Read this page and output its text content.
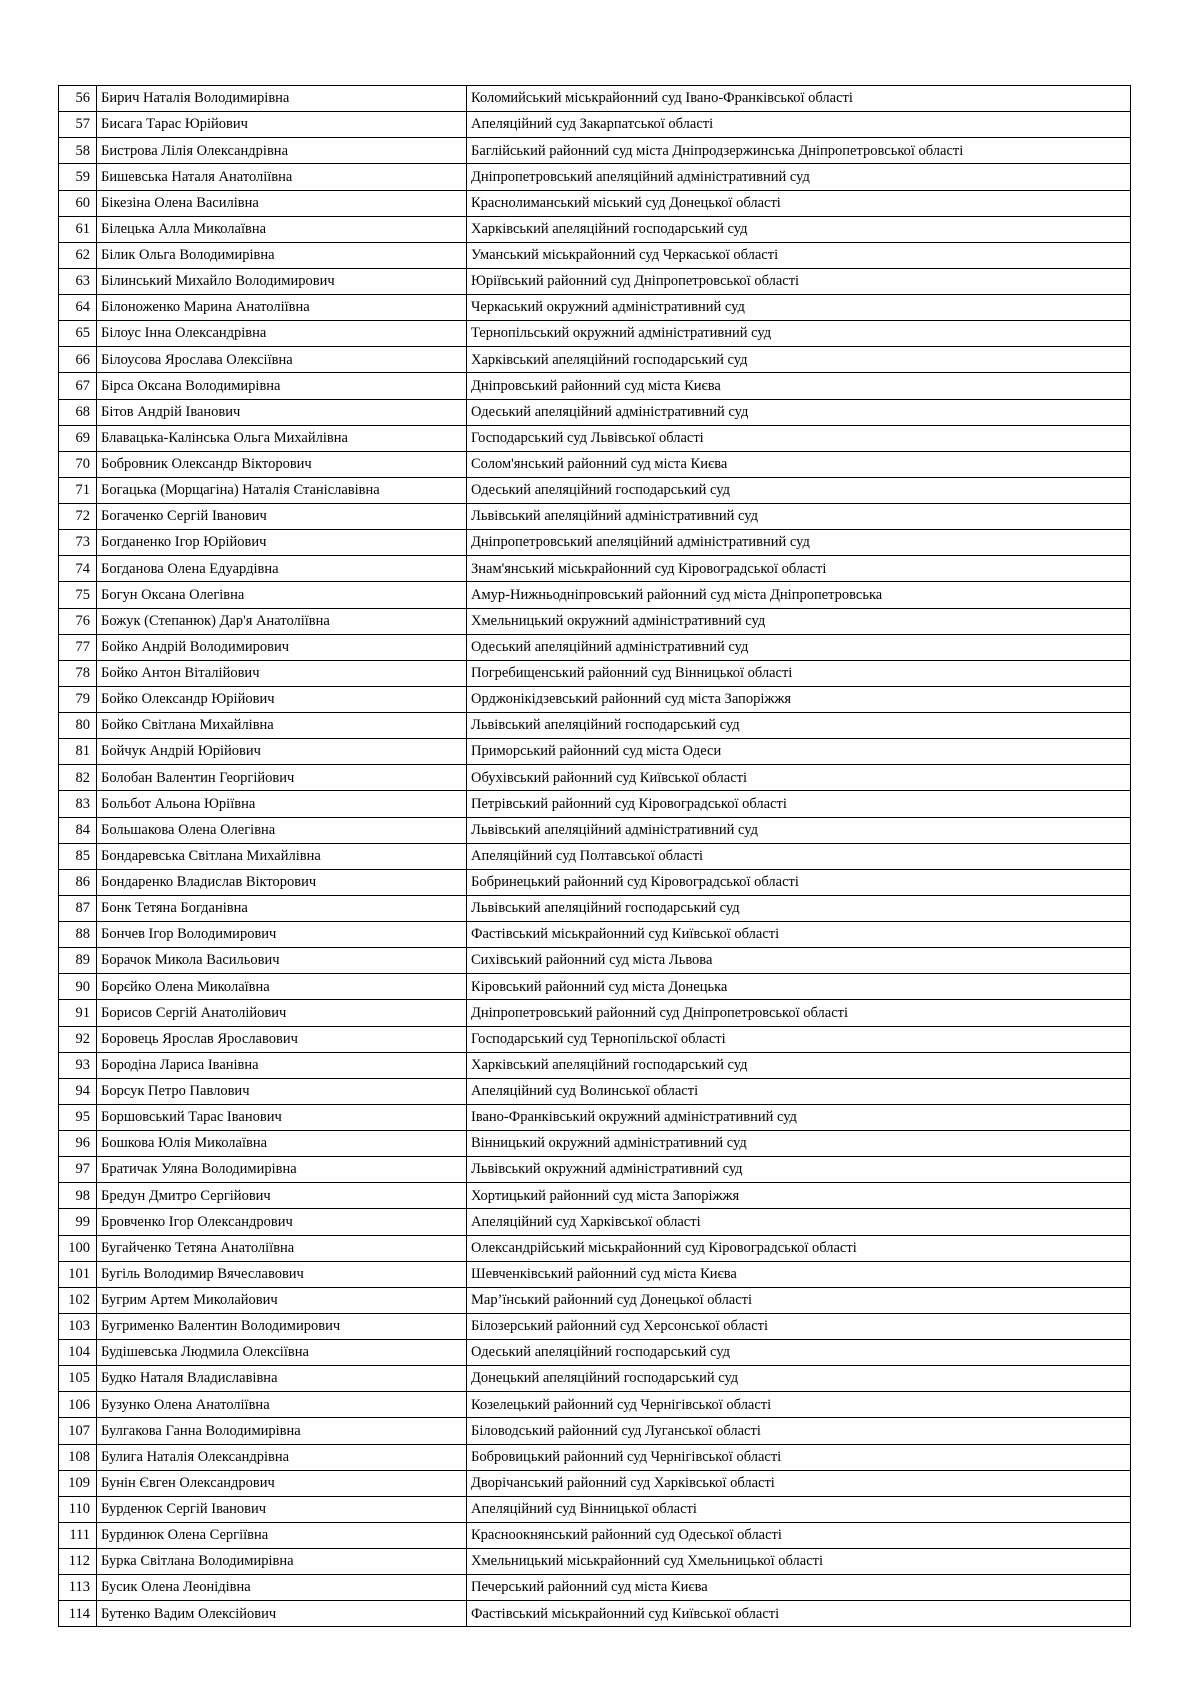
56	Бирич Наталія Володимирівна	Коломийський міськрайонний суд Івано-Франківської області
57	Бисага Тарас Юрійович	Апеляційний суд Закарпатської області
58	Бистрова Лілія Олександрівна	Баглійський районний суд міста Дніпродзержинська Дніпропетровської області
59	Бишевська Наталя Анатоліївна	Дніпропетровський апеляційний адміністративний суд
60	Бікезіна Олена Василівна	Краснолиманський міський суд Донецької області
61	Білецька Алла Миколаївна	Харківський апеляційний господарський суд
62	Білик Ольга Володимирівна	Уманський міськрайонний суд Черкаської області
63	Білинський Михайло Володимирович	Юріївський районний суд Дніпропетровської області
64	Білоноженко Марина Анатоліївна	Черкаський окружний адміністративний суд
65	Білоус Інна Олександрівна	Тернопільський окружний адміністративний суд
66	Білоусова Ярослава Олексіївна	Харківський апеляційний господарський суд
67	Бірса Оксана Володимирівна	Дніпровський районний суд міста Києва
68	Бітов Андрій Іванович	Одеський апеляційний адміністративний суд
69	Блавацька-Калінська Ольга Михайлівна	Господарський суд Львівської області
70	Бобровник Олександр Вікторович	Солом'янський районний суд міста Києва
71	Богацька (Морщагіна) Наталія Станіславівна	Одеський апеляційний господарський суд
72	Богаченко Сергій Іванович	Львівський апеляційний адміністративний суд
73	Богданенко Ігор Юрійович	Дніпропетровський апеляційний адміністративний суд
74	Богданова Олена Едуардівна	Знам'янський міськрайонний суд Кіровоградської області
75	Богун Оксана Олегівна	Амур-Нижньодніпровський районний суд міста Дніпропетровська
76	Божук (Степанюк) Дар'я Анатоліївна	Хмельницький окружний адміністративний суд
77	Бойко Андрій Володимирович	Одеський апеляційний адміністративний суд
78	Бойко Антон Віталійович	Погребищенський районний суд Вінницької області
79	Бойко Олександр Юрійович	Орджонікідзевський районний суд міста Запоріжжя
80	Бойко Світлана Михайлівна	Львівський апеляційний господарський суд
81	Бойчук Андрій Юрійович	Приморський районний суд міста Одеси
82	Болобан Валентин Георгійович	Обухівський районний суд Київської області
83	Больбот Альона Юріївна	Петрівський районний суд Кіровоградської області
84	Большакова Олена Олегівна	Львівський апеляційний адміністративний суд
85	Бондаревська Світлана Михайлівна	Апеляційний суд Полтавської області
86	Бондаренко Владислав Вікторович	Бобринецький районний суд Кіровоградської області
87	Бонк Тетяна Богданівна	Львівський апеляційний господарський суд
88	Бончев Ігор Володимирович	Фастівський міськрайонний суд Київської області
89	Борачок Микола Васильович	Сихівський районний суд міста Львова
90	Борєйко Олена Миколаївна	Кіровський районний суд міста Донецька
91	Борисов Сергій Анатолійович	Дніпропетровський районний суд Дніпропетровської області
92	Боровець Ярослав Ярославович	Господарський суд Тернопільскої області
93	Бородіна Лариса Іванівна	Харківський апеляційний господарський суд
94	Борсук Петро Павлович	Апеляційний суд Волинської області
95	Боршовський Тарас Іванович	Івано-Франківський окружний адміністративний суд
96	Бошкова Юлія Миколаївна	Вінницький окружний адміністративний суд
97	Братичак Уляна Володимирівна	Львівський окружний адміністративний суд
98	Бредун Дмитро Сергійович	Хортицький районний суд міста Запоріжжя
99	Бровченко Ігор Олександрович	Апеляційний суд Харківської області
100	Бугайченко Тетяна Анатоліївна	Олександрійський міськрайонний суд Кіровоградської області
101	Бугіль Володимир Вячеславович	Шевченківський районний суд міста Києва
102	Бугрим Артем Миколайович	Мар’їнський районний суд Донецької області
103	Бугрименко Валентин Володимирович	Білозерський районний суд Херсонської області
104	Будішевська Людмила Олексіївна	Одеський апеляційний господарський суд
105	Будко Наталя Владиславівна	Донецький апеляційний господарський суд
106	Бузунко Олена Анатоліївна	Козелецький районний суд Чернігівської області
107	Булгакова Ганна Володимирівна	Біловодський районний суд Луганської області
108	Булига Наталія Олександрівна	Бобровицький районний суд Чернігівської області
109	Бунін Євген Олександрович	Дворічанський районний суд Харківської області
110	Бурденюк Сергій Іванович	Апеляційний суд Вінницької області
111	Бурдинюк Олена Сергіївна	Красноокнянський районний суд Одеської області
112	Бурка Світлана Володимирівна	Хмельницький міськрайонний суд Хмельницької області
113	Бусик Олена Леонідівна	Печерський районний суд міста Києва
114	Бутенко Вадим Олексійович	Фастівський міськрайонний суд Київської області
